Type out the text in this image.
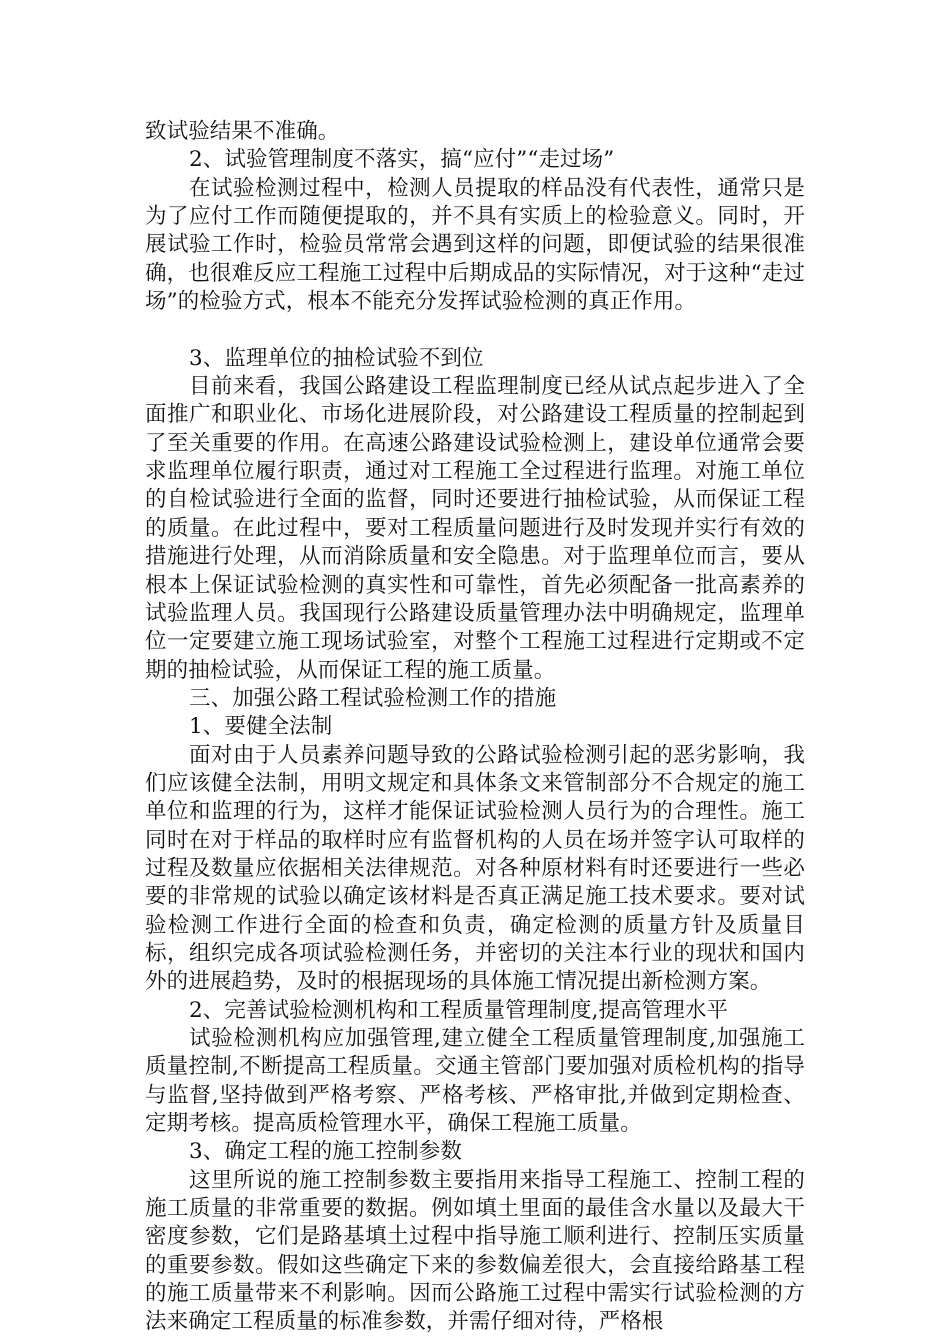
致试验结果不准确。

2、试验管理制度不落实，搞“应付”“走过场”

在试验检测过程中，检测人员提取的样品没有代表性，通常只是为了应付工作而随便提取的，并不具有实质上的检验意义。同时，开展试验工作时，检验员常常会遇到这样的问题，即便试验的结果很准确，也很难反应工程施工过程中后期成品的实际情况，对于这种“走过场”的检验方式，根本不能充分发挥试验检测的真正作用。

3、监理单位的抽检试验不到位

目前来看，我国公路建设工程监理制度已经从试点起步进入了全面推广和职业化、市场化进展阶段，对公路建设工程质量的控制起到了至关重要的作用。在高速公路建设试验检测上，建设单位通常会要求监理单位履行职责，通过对工程施工全过程进行监理。对施工单位的自检试验进行全面的监督，同时还要进行抽检试验，从而保证工程的质量。在此过程中，要对工程质量问题进行及时发现并实行有效的措施进行处理，从而消除质量和安全隐患。对于监理单位而言，要从根本上保证试验检测的真实性和可靠性，首先必须配备一批高素养的试验监理人员。我国现行公路建设质量管理办法中明确规定，监理单位一定要建立施工现场试验室，对整个工程施工过程进行定期或不定期的抽检试验，从而保证工程的施工质量。

三、加强公路工程试验检测工作的措施

1、要健全法制

面对由于人员素养问题导致的公路试验检测引起的恶劣影响，我们应该健全法制，用明文规定和具体条文来管制部分不合规定的施工单位和监理的行为，这样才能保证试验检测人员行为的合理性。施工同时在对于样品的取样时应有监督机构的人员在场并签字认可取样的过程及数量应依据相关法律规范。对各种原材料有时还要进行一些必要的非常规的试验以确定该材料是否真正满足施工技术要求。要对试验检测工作进行全面的检查和负责，确定检测的质量方针及质量目标，组织完成各项试验检测任务，并密切的关注本行业的现状和国内外的进展趋势，及时的根据现场的具体施工情况提出新检测方案。

2、完善试验检测机构和工程质量管理制度,提高管理水平

试验检测机构应加强管理,建立健全工程质量管理制度,加强施工质量控制,不断提高工程质量。交通主管部门要加强对质检机构的指导与监督,坚持做到严格考察、严格考核、严格审批,并做到定期检查、定期考核。提高质检管理水平，确保工程施工质量。

3、确定工程的施工控制参数

这里所说的施工控制参数主要指用来指导工程施工、控制工程的施工质量的非常重要的数据。例如填土里面的最佳含水量以及最大干密度参数，它们是路基填土过程中指导施工顺利进行、控制压实质量的重要参数。假如这些确定下来的参数偏差很大，会直接给路基工程的施工质量带来不利影响。因而公路施工过程中需实行试验检测的方法来确定工程质量的标准参数，并需仔细对待，严格根
